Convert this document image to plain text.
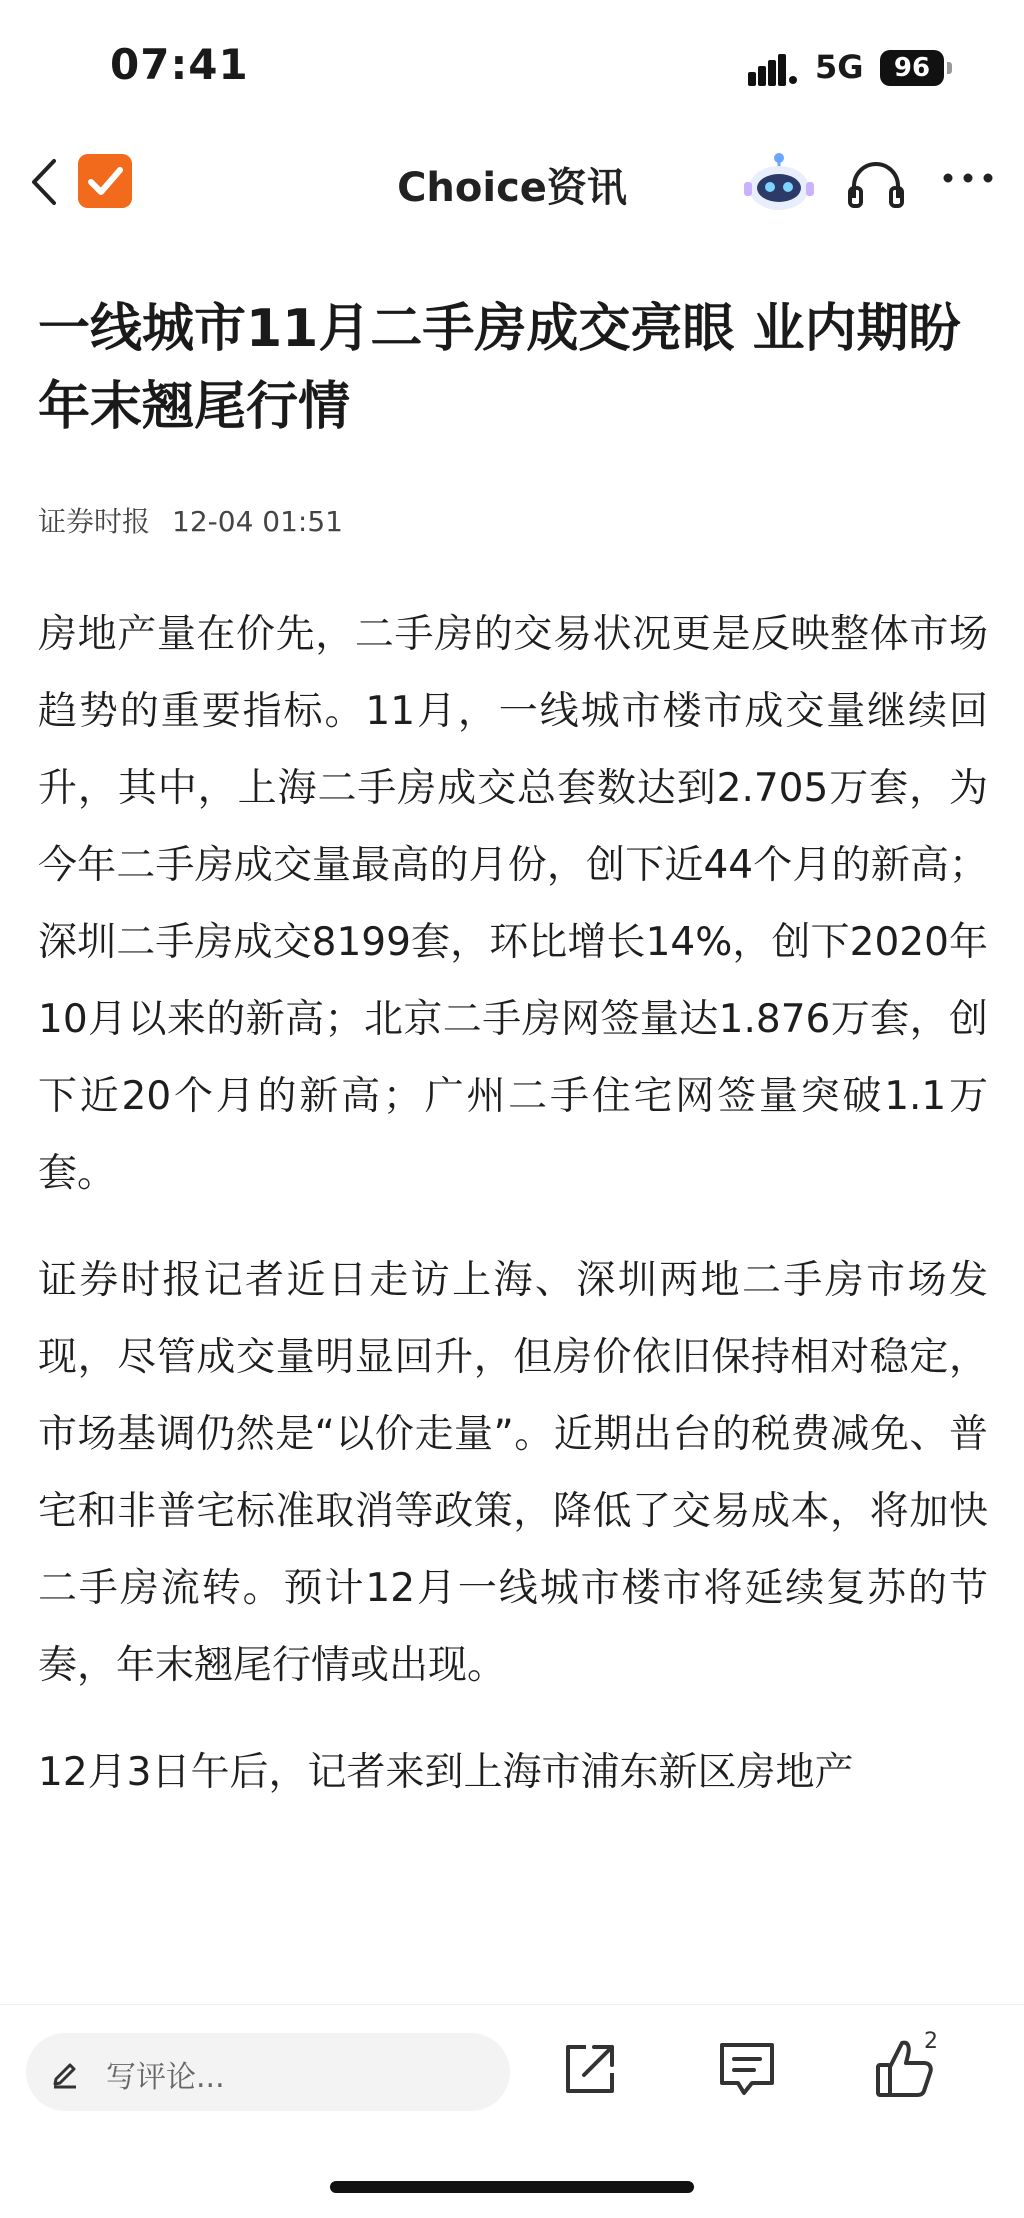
07:41	5G	96
Choice资讯
一线城市11月二手房成交亮眼 业内期盼年末翘尾行情
证券时报 12-04 01:51

房地产量在价先，二手房的交易状况更是反映整体市场趋势的重要指标。11月，一线城市楼市成交量继续回升，其中，上海二手房成交总套数达到2.705万套，为今年二手房成交量最高的月份，创下近44个月的新高；深圳二手房成交8199套，环比增长14%，创下2020年10月以来的新高；北京二手房网签量达1.876万套，创下近20个月的新高；广州二手住宅网签量突破1.1万套。

证券时报记者近日走访上海、深圳两地二手房市场发现，尽管成交量明显回升，但房价依旧保持相对稳定，市场基调仍然是“以价走量”。近期出台的税费减免、普宅和非普宅标准取消等政策，降低了交易成本，将加快二手房流转。预计12月一线城市楼市将延续复苏的节奏，年末翘尾行情或出现。

12月3日午后，记者来到上海市浦东新区房地产

写评论...
2
